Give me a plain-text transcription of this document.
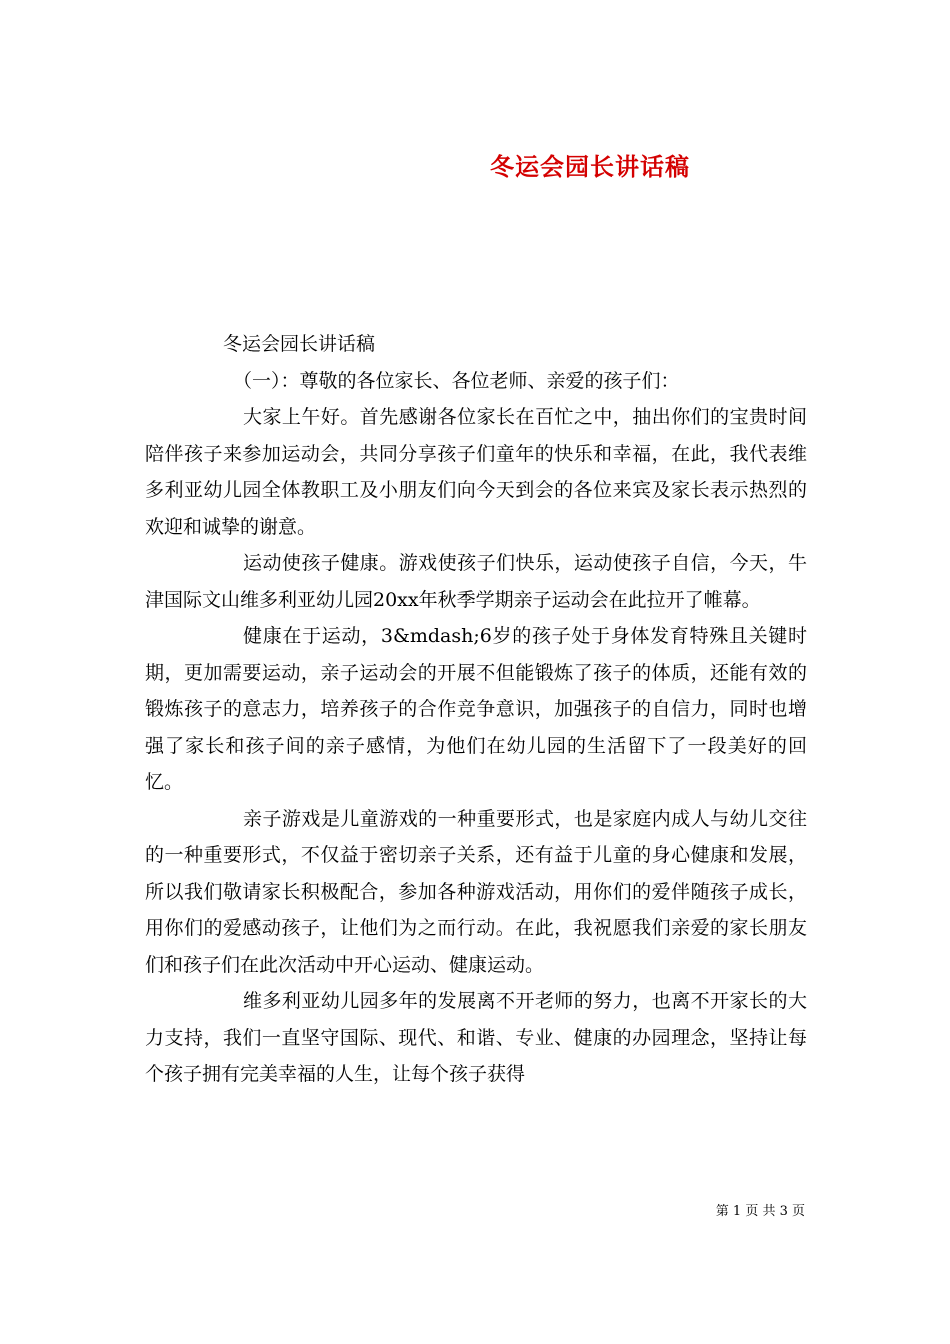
冬运会园长讲话稿

冬运会园长讲话稿

（一）：尊敬的各位家长、各位老师、亲爱的孩子们：

大家上午好。首先感谢各位家长在百忙之中，抽出你们的宝贵时间陪伴孩子来参加运动会，共同分享孩子们童年的快乐和幸福，在此，我代表维多利亚幼儿园全体教职工及小朋友们向今天到会的各位来宾及家长表示热烈的欢迎和诚挚的谢意。

运动使孩子健康。游戏使孩子们快乐，运动使孩子自信，今天，牛津国际文山维多利亚幼儿园20xx年秋季学期亲子运动会在此拉开了帷幕。

健康在于运动，3&mdash;6岁的孩子处于身体发育特殊且关键时期，更加需要运动，亲子运动会的开展不但能锻炼了孩子的体质，还能有效的锻炼孩子的意志力，培养孩子的合作竞争意识，加强孩子的自信力，同时也增强了家长和孩子间的亲子感情，为他们在幼儿园的生活留下了一段美好的回忆。

亲子游戏是儿童游戏的一种重要形式，也是家庭内成人与幼儿交往的一种重要形式，不仅益于密切亲子关系，还有益于儿童的身心健康和发展，所以我们敬请家长积极配合，参加各种游戏活动，用你们的爱伴随孩子成长，用你们的爱感动孩子，让他们为之而行动。在此，我祝愿我们亲爱的家长朋友们和孩子们在此次活动中开心运动、健康运动。

维多利亚幼儿园多年的发展离不开老师的努力，也离不开家长的大力支持，我们一直坚守国际、现代、和谐、专业、健康的办园理念，坚持让每个孩子拥有完美幸福的人生，让每个孩子获得

第 1 页 共 3 页
